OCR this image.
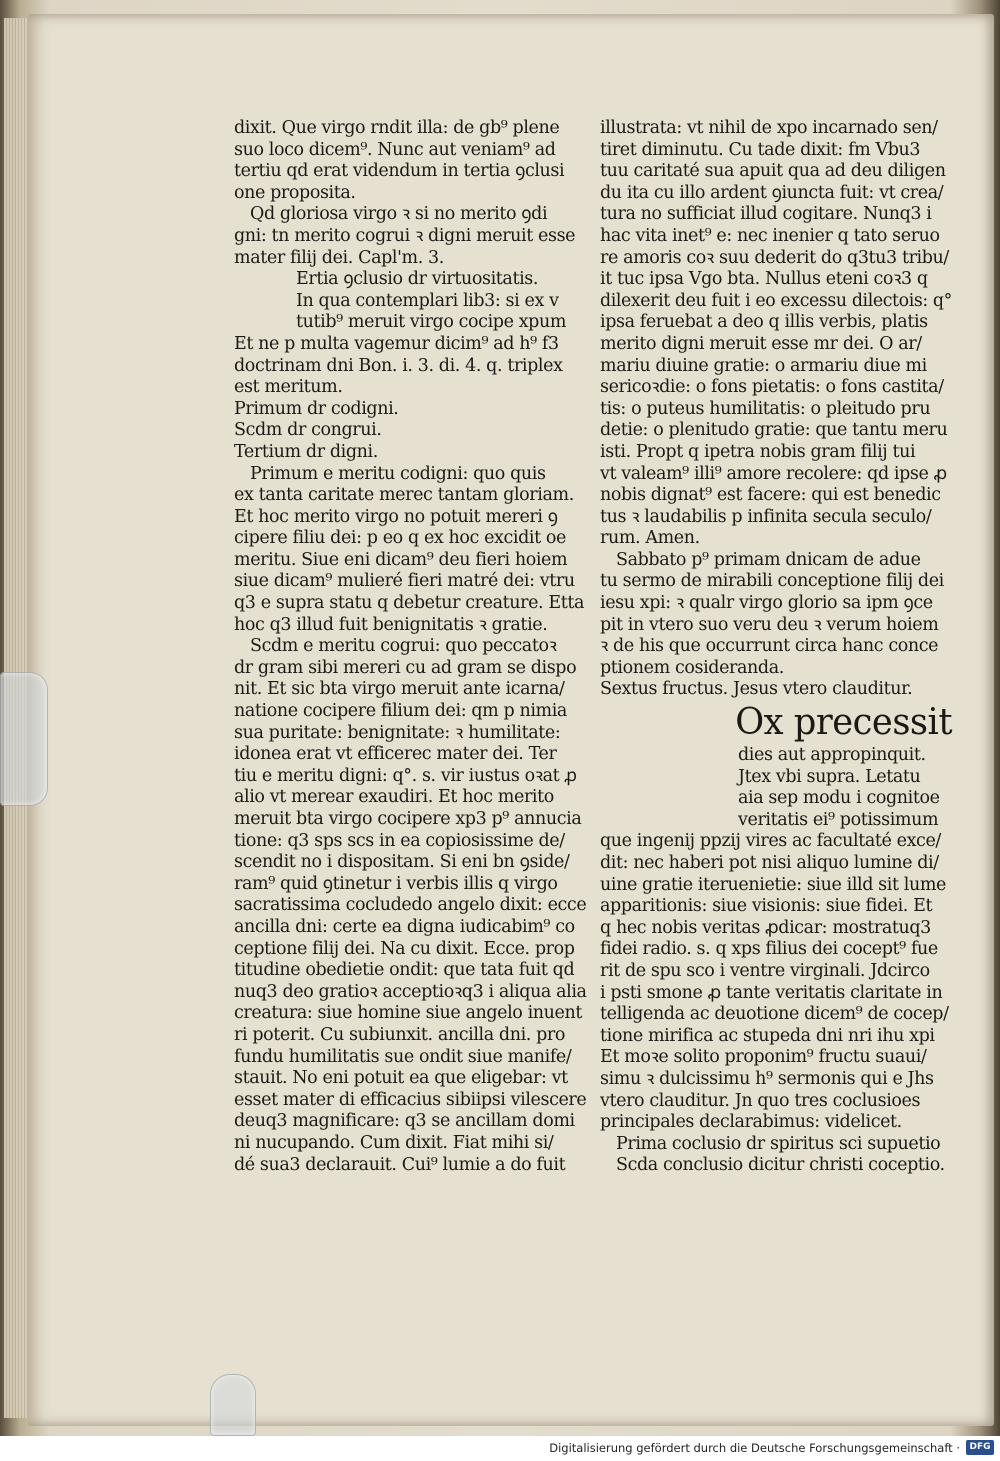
dixit. Que virgo rndit illa: de gb⁹ plene
suo loco dicem⁹. Nunc aut veniam⁹ ad
tertiu qd erat videndum in tertia ꝯclusi
one proposita.
Qd gloriosa virgo ꝛ si no merito ꝯdi
gni: tn merito cogrui ꝛ digni meruit esse
mater filij dei. Capl'm. 3.
Ertia ꝯclusio dr virtuositatis.
In qua contemplari lib3: si ex v
tutib⁹ meruit virgo cocipe xpum
Et ne p multa vagemur dicim⁹ ad h⁹ f3
doctrinam dni Bon. i. 3. di. 4. q. triplex
est meritum.
Primum dr codigni.
Scdm dr congrui.
Tertium dr digni.
Primum e meritu codigni: quo quis
ex tanta caritate merec tantam gloriam.
Et hoc merito virgo no potuit mereri ꝯ
cipere filiu dei: p eo q ex hoc excidit oe
meritu. Siue eni dicam⁹ deu fieri hoiem
siue dicam⁹ mulieré fieri matré dei: vtru
q3 e supra statu q debetur creature. Etta
hoc q3 illud fuit benignitatis ꝛ gratie.
Scdm e meritu cogrui: quo peccatoꝛ
dr gram sibi mereri cu ad gram se dispo
nit. Et sic bta virgo meruit ante icarna/
natione cocipere filium dei: qm p nimia
sua puritate: benignitate: ꝛ humilitate:
idonea erat vt efficerec mater dei. Ter
tiu e meritu digni: q°. s. vir iustus oꝛat ꝓ
alio vt merear exaudiri. Et hoc merito
meruit bta virgo cocipere xp3 p⁹ annucia
tione: q3 sps scs in ea copiosissime de/
scendit no i dispositam. Si eni bn ꝯside/
ram⁹ quid ꝯtinetur i verbis illis q virgo
sacratissima cocludedo angelo dixit: ecce
ancilla dni: certe ea digna iudicabim⁹ co
ceptione filij dei. Na cu dixit. Ecce. prop
titudine obedietie ondit: que tata fuit qd
nuq3 deo gratioꝛ acceptioꝛq3 i aliqua alia
creatura: siue homine siue angelo inuent
ri poterit. Cu subiunxit. ancilla dni. pro
fundu humilitatis sue ondit siue manife/
stauit. No eni potuit ea que eligebar: vt
esset mater di efficacius sibiipsi vilescere
deuq3 magnificare: q3 se ancillam domi
ni nucupando. Cum dixit. Fiat mihi si/
dé sua3 declarauit. Cui⁹ lumie a do fuit
illustrata: vt nihil de xpo incarnado sen/
tiret diminutu. Cu tade dixit: fm Vbu3
tuu caritaté sua apuit qua ad deu diligen
du ita cu illo ardent ꝯiuncta fuit: vt crea/
tura no sufficiat illud cogitare. Nunq3 i
hac vita inet⁹ e: nec inenier q tato seruo
re amoris coꝛ suu dederit do q3tu3 tribu/
it tuc ipsa Vgo bta. Nullus eteni coꝛ3 q
dilexerit deu fuit i eo excessu dilectois: q°
ipsa feruebat a deo q illis verbis, platis
merito digni meruit esse mr dei. O ar/
mariu diuine gratie: o armariu diue mi
sericoꝛdie: o fons pietatis: o fons castita/
tis: o puteus humilitatis: o pleitudo pru
detie: o plenitudo gratie: que tantu meru
isti. Propt q ipetra nobis gram filij tui
vt valeam⁹ illi⁹ amore recolere: qd ipse ꝓ
nobis dignat⁹ est facere: qui est benedic
tus ꝛ laudabilis p infinita secula seculo/
rum. Amen.
Sabbato p⁹ primam dnicam de adue
tu sermo de mirabili conceptione filij dei
iesu xpi: ꝛ qualr virgo glorio sa ipm ꝯce
pit in vtero suo veru deu ꝛ verum hoiem
ꝛ de his que occurrunt circa hanc conce
ptionem cosideranda.
Sextus fructus. Jesus vtero clauditur.
Ox precessit
dies aut appropinquit.
Jtex vbi supra. Letatu
aia sep modu i cognitoe
veritatis ei⁹ potissimum
que ingenij ppzij vires ac facultaté exce/
dit: nec haberi pot nisi aliquo lumine di/
uine gratie iteruenietie: siue illd sit lume
apparitionis: siue visionis: siue fidei. Et
q hec nobis veritas ꝓdicar: mostratuq3
fidei radio. s. q xps filius dei cocept⁹ fue
rit de spu sco i ventre virginali. Jdcirco
i psti smone ꝓ tante veritatis claritate in
telligenda ac deuotione dicem⁹ de cocep/
tione mirifica ac stupeda dni nri ihu xpi
Et moꝛe solito proponim⁹ fructu suaui/
simu ꝛ dulcissimu h⁹ sermonis qui e Jhs
vtero clauditur. Jn quo tres coclusioes
principales declarabimus: videlicet.
Prima coclusio dr spiritus sci supuetio
Scda conclusio dicitur christi coceptio.
Digitalisierung gefördert durch die Deutsche Forschungsgemeinschaft ·	DFG
